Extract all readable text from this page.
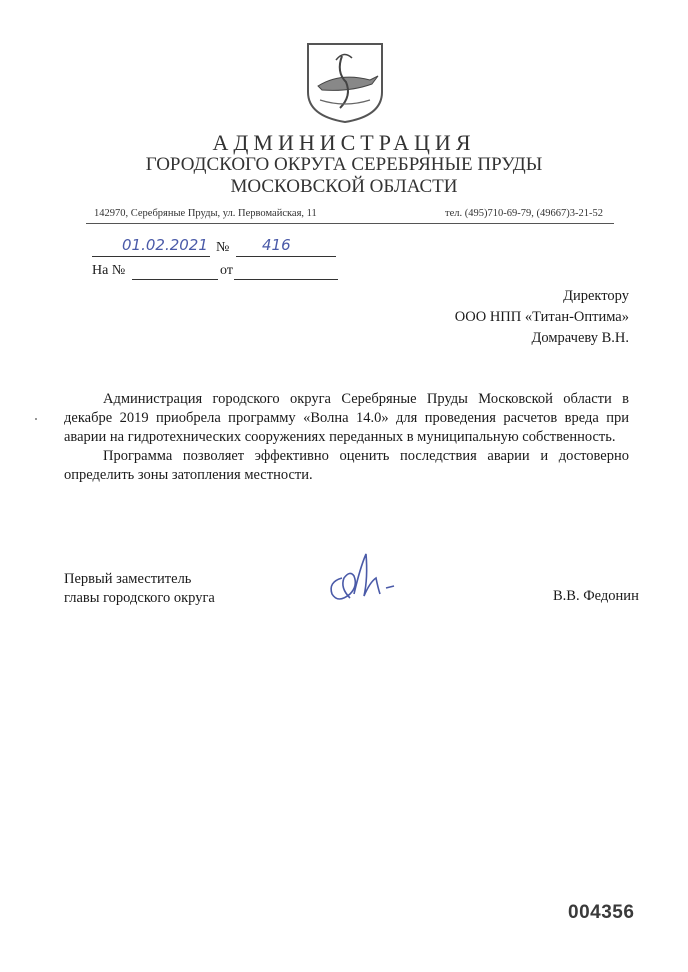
АДМИНИСТРАЦИЯ
ГОРОДСКОГО ОКРУГА СЕРЕБРЯНЫЕ ПРУДЫ
МОСКОВСКОЙ ОБЛАСТИ
142970, Серебряные Пруды, ул. Первомайская, 11	тел. (495)710-69-79, (49667)3-21-52
01.02.2021 № 416
На №	от
Директору
ООО НПП «Титан-Оптима»
Домрачеву В.Н.

Администрация городского округа Серебряные Пруды Московской области в декабре 2019 приобрела программу «Волна 14.0» для проведения расчетов вреда при аварии на гидротехнических сооружениях переданных в муниципальную собственность.

Программа позволяет эффективно оценить последствия аварии и достоверно определить зоны затопления местности.

Первый заместитель
главы городского округа	В.В. Федонин
004356
